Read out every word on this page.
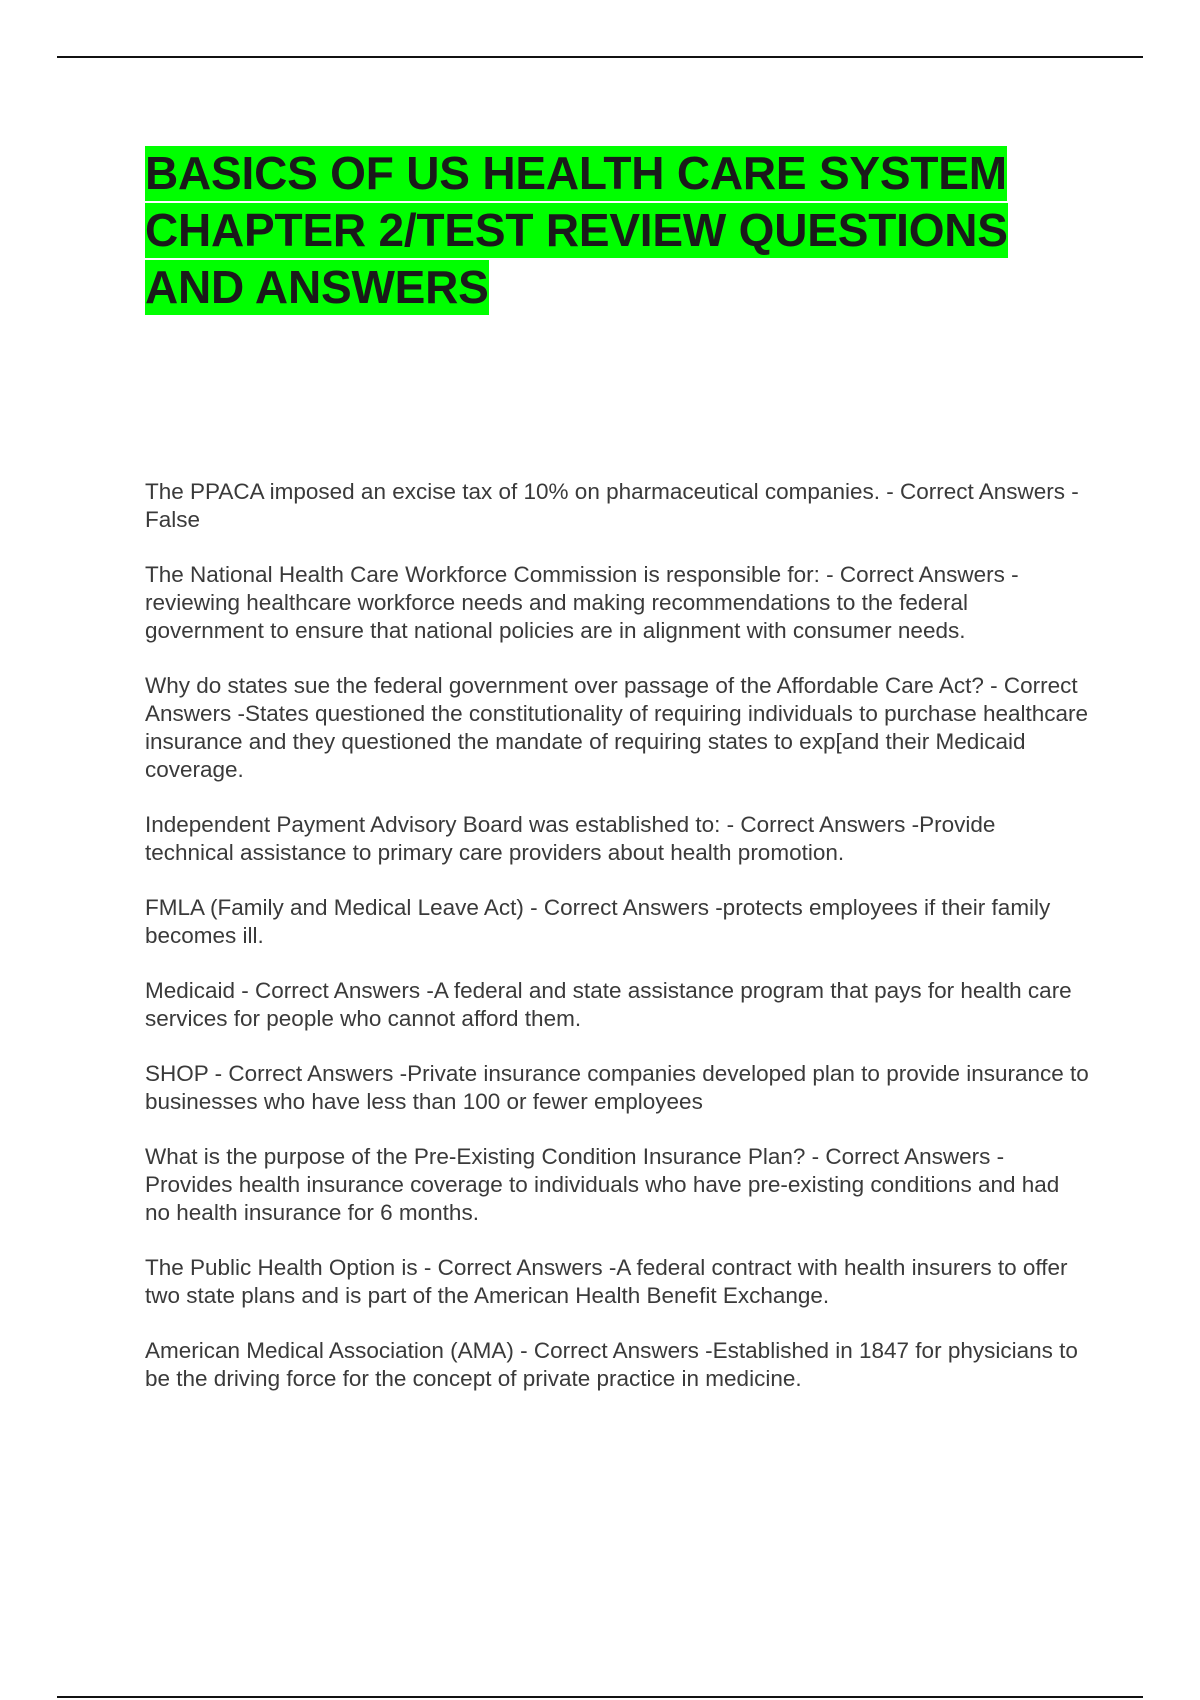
BASICS OF US HEALTH CARE SYSTEM
CHAPTER 2/TEST REVIEW QUESTIONS
AND ANSWERS

The PPACA imposed an excise tax of 10% on pharmaceutical companies. - Correct Answers -False

The National Health Care Workforce Commission is responsible for: - Correct Answers -reviewing healthcare workforce needs and making recommendations to the federal government to ensure that national policies are in alignment with consumer needs.

Why do states sue the federal government over passage of the Affordable Care Act? - Correct Answers -States questioned the constitutionality of requiring individuals to purchase healthcare insurance and they questioned the mandate of requiring states to exp[and their Medicaid coverage.

Independent Payment Advisory Board was established to: - Correct Answers -Provide technical assistance to primary care providers about health promotion.

FMLA (Family and Medical Leave Act) - Correct Answers -protects employees if their family becomes ill.

Medicaid - Correct Answers -A federal and state assistance program that pays for health care services for people who cannot afford them.

SHOP - Correct Answers -Private insurance companies developed plan to provide insurance to businesses who have less than 100 or fewer employees

What is the purpose of the Pre-Existing Condition Insurance Plan? - Correct Answers -Provides health insurance coverage to individuals who have pre-existing conditions and had no health insurance for 6 months.

The Public Health Option is - Correct Answers -A federal contract with health insurers to offer two state plans and is part of the American Health Benefit Exchange.

American Medical Association (AMA) - Correct Answers -Established in 1847 for physicians to be the driving force for the concept of private practice in medicine.
